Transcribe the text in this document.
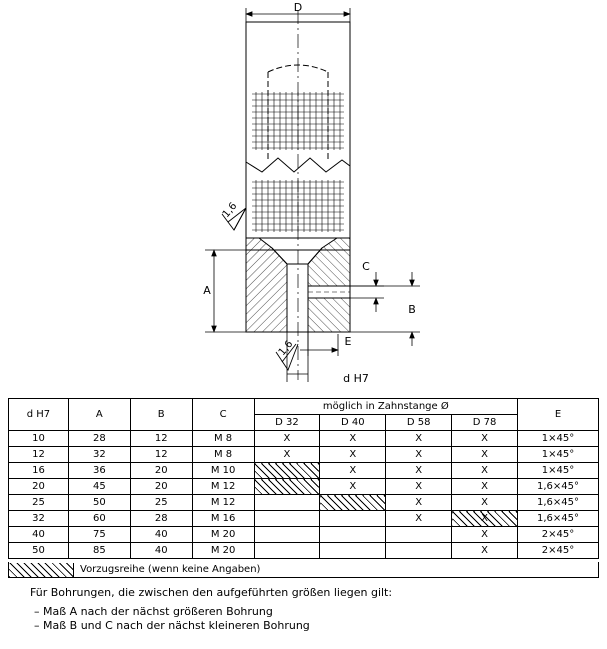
D
A
B
C
E
d H7
1,6
1,6
d H7	A	B	C	möglich in Zahnstange Ø				E
				D 32	D 40	D 58	D 78	
10	28	12	M 8	X	X	X	X	1×45°
12	32	12	M 8	X	X	X	X	1×45°
16	36	20	M 10		X	X	X	1×45°
20	45	20	M 12		X	X	X	1,6×45°
25	50	25	M 12			X	X	1,6×45°
32	60	28	M 16			X	X	1,6×45°
40	75	40	M 20				X	2×45°
50	85	40	M 20				X	2×45°
Vorzugsreihe (wenn keine Angaben)
Für Bohrungen, die zwischen den aufgeführten größen liegen gilt:
– Maß A nach der nächst größeren Bohrung
– Maß B und C nach der nächst kleineren Bohrung
